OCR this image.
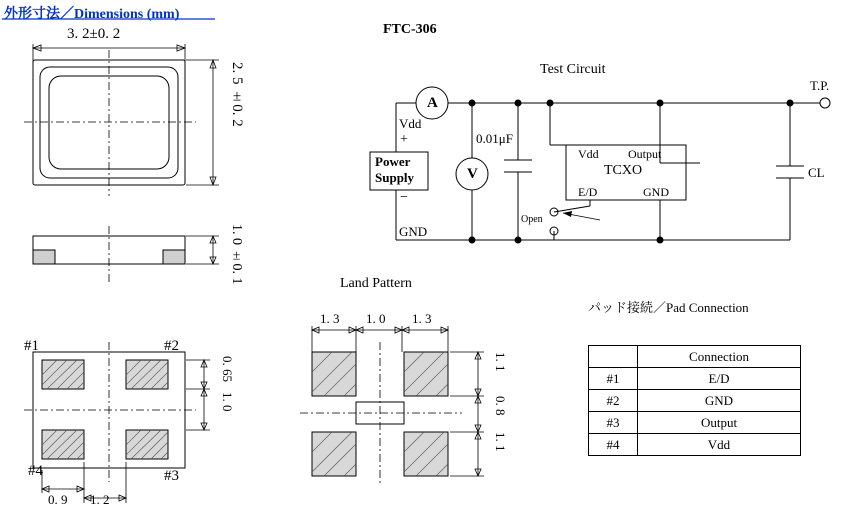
外形寸法／Dimensions (mm)
FTC-306
Test Circuit
Land Pattern
パッド接続／Pad Connection
3. 2±0. 2
2. 5 ±0. 2
1. 0 ±0. 1
#1	#2
#3
#4
0. 65
1. 0
0. 9 1. 2
1. 3 1. 0 1. 3
1. 1
0. 8
1. 1
A
V
Power
Supply
+
−
Vdd
GND
0.01μF
TCXO
Vdd Output
E/D	GND
Open
T.P.
CL
	Connection
#1	E/D
#2	GND
#3	Output
#4	Vdd
